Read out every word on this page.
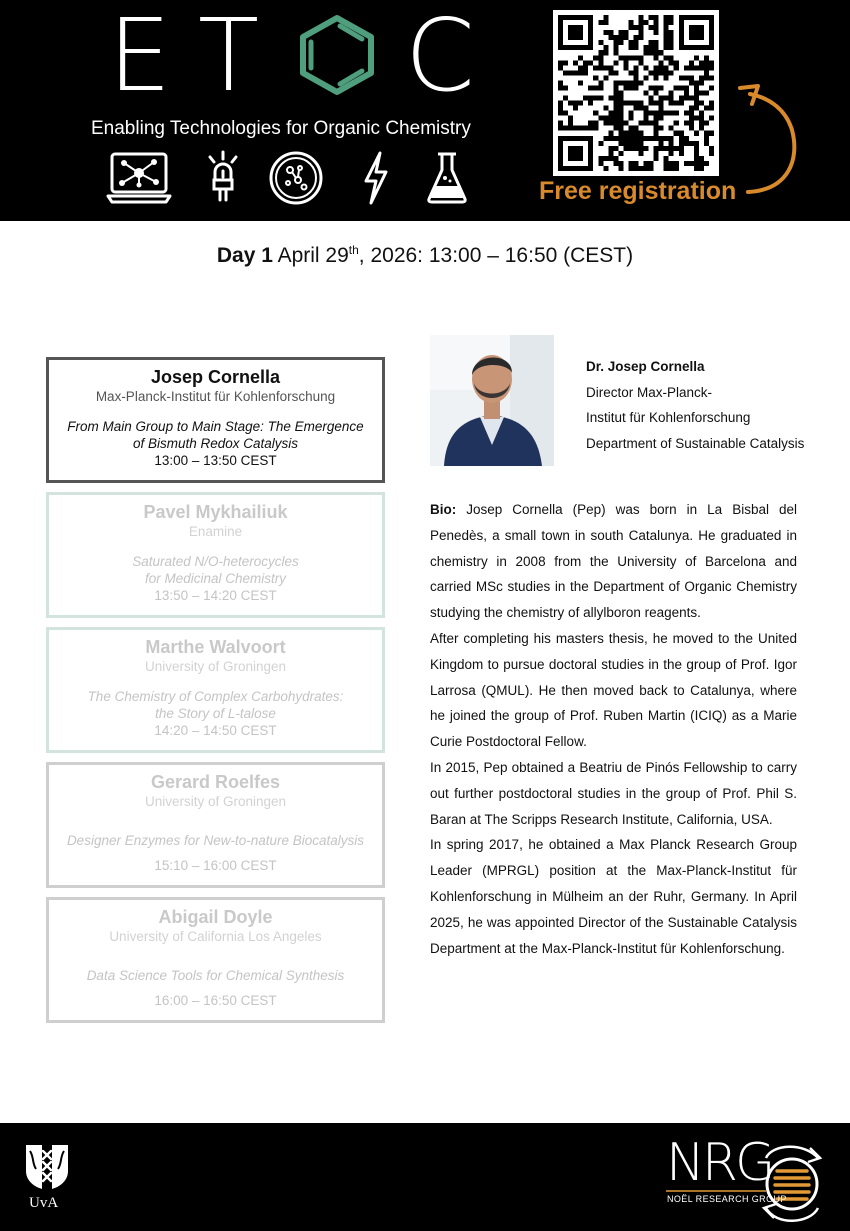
E T C
Enabling Technologies for Organic Chemistry
Free registration
Day 1 April 29th, 2026: 13:00 – 16:50 (CEST)
Josep Cornella
Max-Planck-Institut für Kohlenforschung
From Main Group to Main Stage: The Emergence
of Bismuth Redox Catalysis
13:00 – 13:50 CEST
Pavel Mykhailiuk
Enamine
Saturated N/O-heterocycles
for Medicinal Chemistry
13:50 – 14:20 CEST
Marthe Walvoort
University of Groningen
The Chemistry of Complex Carbohydrates:
the Story of L-talose
14:20 – 14:50 CEST
Gerard Roelfes
University of Groningen
Designer Enzymes for New-to-nature Biocatalysis
15:10 – 16:00 CEST
Abigail Doyle
University of California Los Angeles
Data Science Tools for Chemical Synthesis
16:00 – 16:50 CEST
Dr. Josep Cornella
Director Max-Planck-
Institut für Kohlenforschung
Department of Sustainable Catalysis
Bio: Josep Cornella (Pep) was born in La Bisbal del Penedès, a small town in south Catalunya. He graduated in chemistry in 2008 from the University of Barcelona and carried MSc studies in the Department of Organic Chemistry studying the chemistry of allylboron reagents.
After completing his masters thesis, he moved to the United Kingdom to pursue doctoral studies in the group of Prof. Igor Larrosa (QMUL). He then moved back to Catalunya, where he joined the group of Prof. Ruben Martin (ICIQ) as a Marie Curie Postdoctoral Fellow.
In 2015, Pep obtained a Beatriu de Pinós Fellowship to carry out further postdoctoral studies in the group of Prof. Phil S. Baran at The Scripps Research Institute, California, USA.
In spring 2017, he obtained a Max Planck Research Group Leader (MPRGL) position at the Max-Planck-Institut für Kohlenforschung in Mülheim an der Ruhr, Germany. In April 2025, he was appointed Director of the Sustainable Catalysis Department at the Max-Planck-Institut für Kohlenforschung.
UvA
NRG
NOËL RESEARCH GROUP
